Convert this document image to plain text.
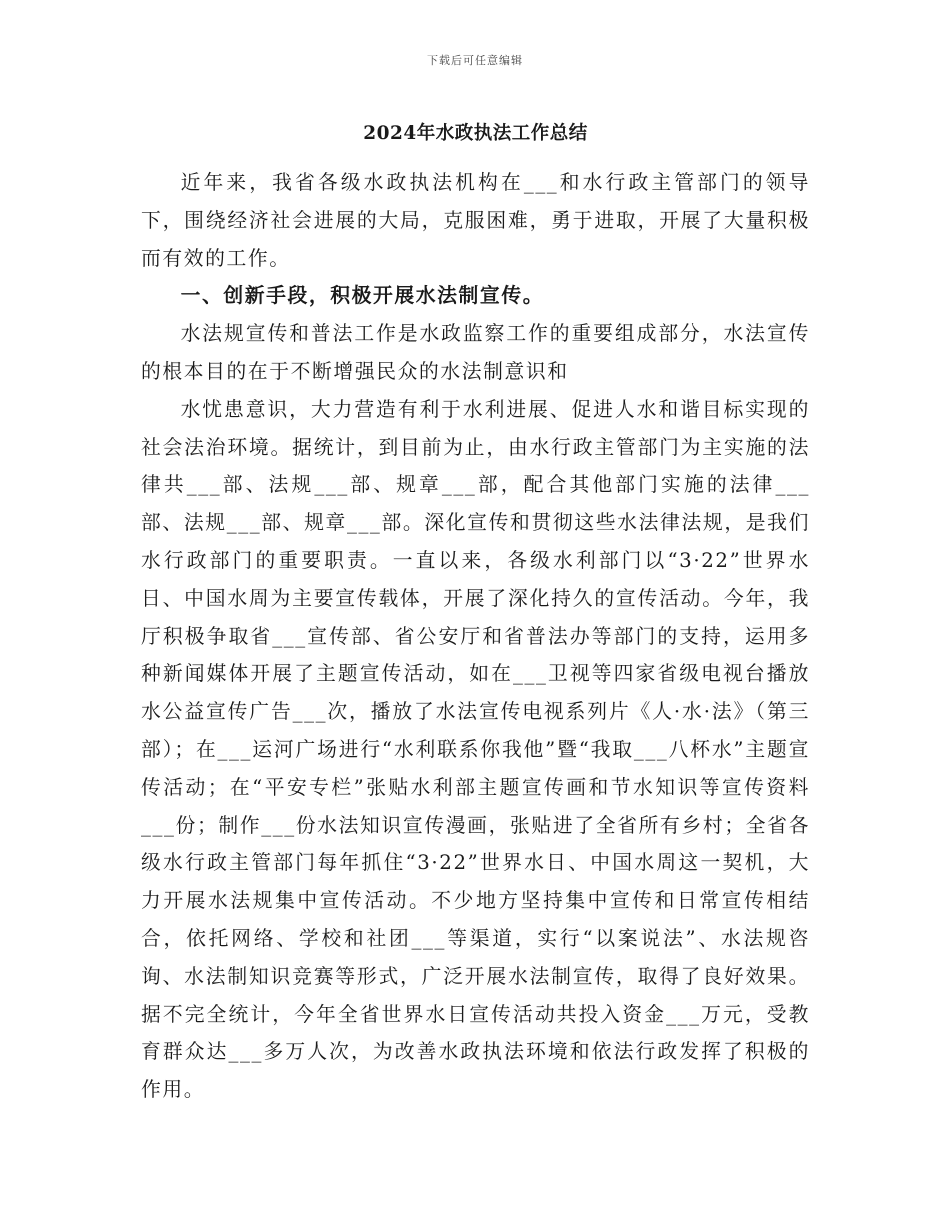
下载后可任意编辑
2024年水政执法工作总结

近年来，我省各级水政执法机构在___和水行政主管部门的领导下，围绕经济社会进展的大局，克服困难，勇于进取，开展了大量积极而有效的工作。

一、创新手段，积极开展水法制宣传。

水法规宣传和普法工作是水政监察工作的重要组成部分，水法宣传的根本目的在于不断增强民众的水法制意识和

水忧患意识，大力营造有利于水利进展、促进人水和谐目标实现的社会法治环境。据统计，到目前为止，由水行政主管部门为主实施的法律共___部、法规___部、规章___部，配合其他部门实施的法律___部、法规___部、规章___部。深化宣传和贯彻这些水法律法规，是我们水行政部门的重要职责。一直以来，各级水利部门以“3·22”世界水日、中国水周为主要宣传载体，开展了深化持久的宣传活动。今年，我厅积极争取省___宣传部、省公安厅和省普法办等部门的支持，运用多种新闻媒体开展了主题宣传活动，如在___卫视等四家省级电视台播放水公益宣传广告___次，播放了水法宣传电视系列片《人·水·法》（第三部）；在___运河广场进行“水利联系你我他”暨“我取___八杯水”主题宣传活动；在“平安专栏”张贴水利部主题宣传画和节水知识等宣传资料___份；制作___份水法知识宣传漫画，张贴进了全省所有乡村；全省各级水行政主管部门每年抓住“3·22”世界水日、中国水周这一契机，大力开展水法规集中宣传活动。不少地方坚持集中宣传和日常宣传相结合，依托网络、学校和社团___等渠道，实行“以案说法”、水法规咨询、水法制知识竞赛等形式，广泛开展水法制宣传，取得了良好效果。据不完全统计，今年全省世界水日宣传活动共投入资金___万元，受教育群众达___多万人次，为改善水政执法环境和依法行政发挥了积极的作用。
